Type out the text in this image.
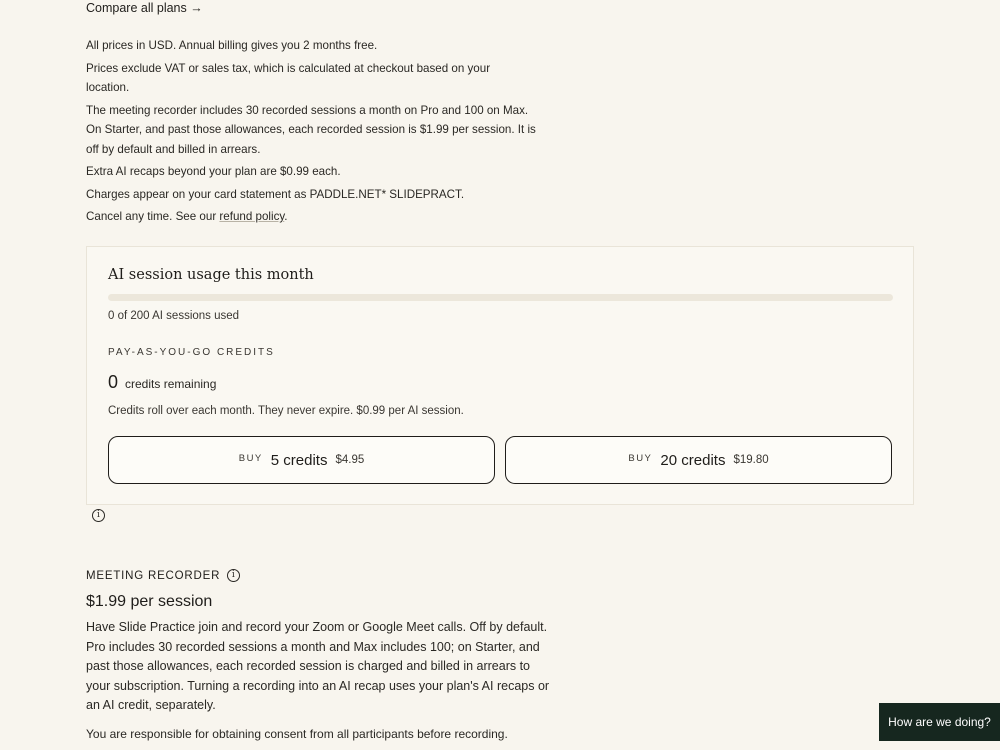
Compare all plans →

All prices in USD. Annual billing gives you 2 months free.

Prices exclude VAT or sales tax, which is calculated at checkout based on your location.

The meeting recorder includes 30 recorded sessions a month on Pro and 100 on Max. On Starter, and past those allowances, each recorded session is $1.99 per session. It is off by default and billed in arrears.

Extra AI recaps beyond your plan are $0.99 each.

Charges appear on your card statement as PADDLE.NET* SLIDEPRACT.

Cancel any time. See our refund policy.

AI session usage this month
0 of 200 AI sessions used
PAY-AS-YOU-GO CREDITS
0 credits remaining
Credits roll over each month. They never expire. $0.99 per AI session.
BUY 5 credits $4.95	BUY 20 credits $19.80
i
MEETING RECORDER	i
$1.99 per session
Have Slide Practice join and record your Zoom or Google Meet calls. Off by default. Pro includes 30 recorded sessions a month and Max includes 100; on Starter, and past those allowances, each recorded session is charged and billed in arrears to your subscription. Turning a recording into an AI recap uses your plan's AI recaps or an AI credit, separately.
You are responsible for obtaining consent from all participants before recording.
How are we doing?
